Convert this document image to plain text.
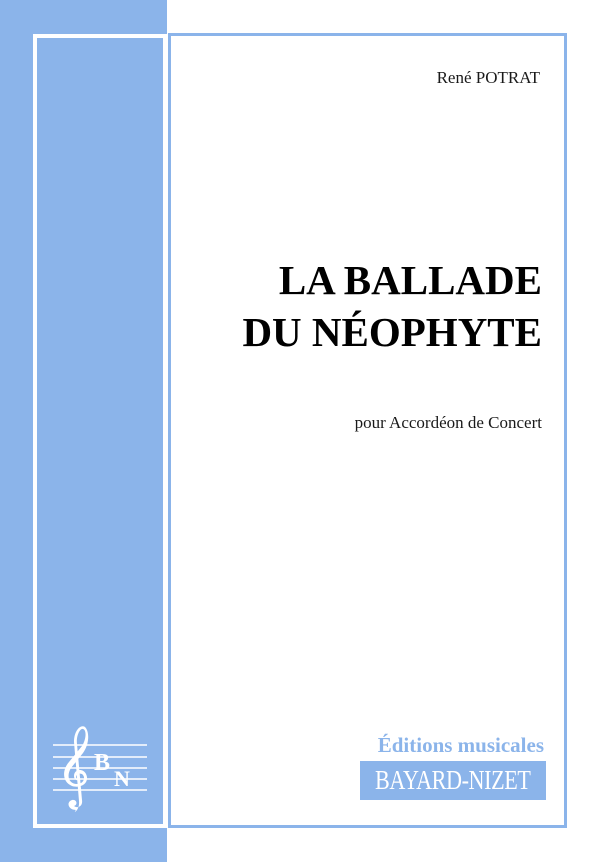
René POTRAT
LA BALLADE
DU NÉOPHYTE
pour Accordéon de Concert
B
N
Éditions musicales
BAYARD-NIZET
